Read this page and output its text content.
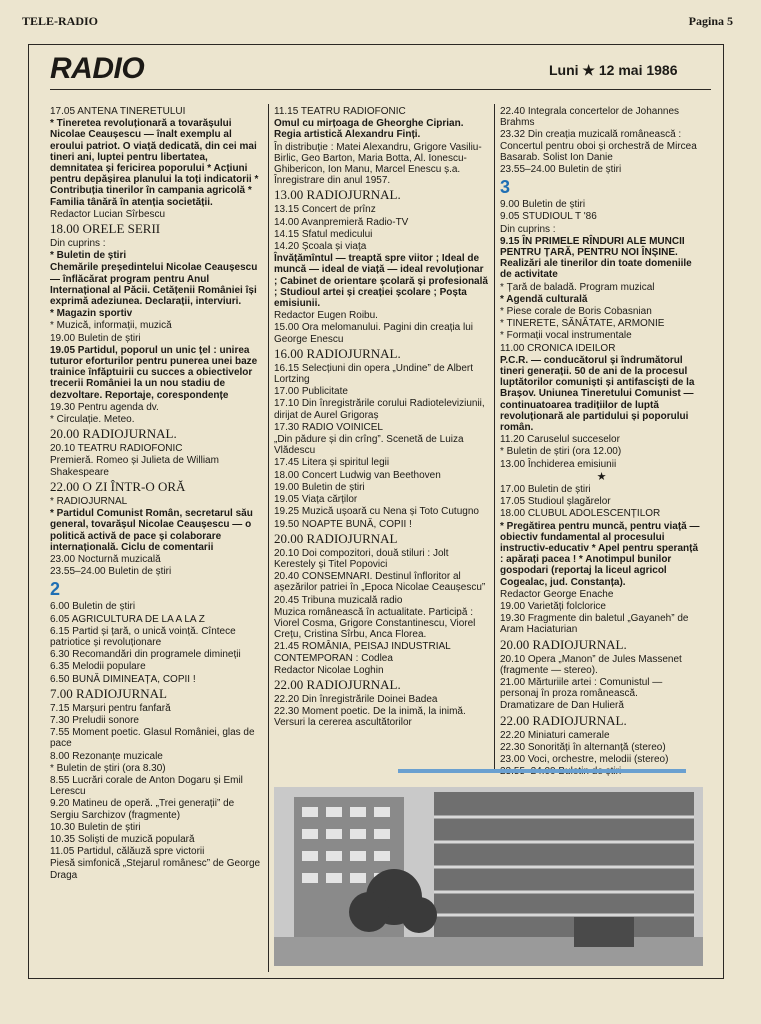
TELE-RADIO	Pagina 5
RADIO	Luni ★ 12 mai 1986
17.05 ANTENA TINERETULUI
* Tineretea revoluționară a tovarășului Nicolae Ceaușescu — înalt exemplu al eroului patriot. O viață dedicată, din cei mai tineri ani, luptei pentru libertatea, demnitatea și fericirea poporului * Acțiuni pentru depășirea planului la toți indicatorii * Contribuția tinerilor în campania agricolă * Familia tânără în atenția societății.
Redactor Lucian Sîrbescu
18.00 ORELE SERII
Din cuprins :
* Buletin de știri
Chemările președintelui Nicolae Ceaușescu — înflăcărat program pentru Anul Internațional al Păcii. Cetățenii României își exprimă adeziunea. Declarații, interviuri.
* Magazin sportiv
* Muzică, informații, muzică
19.00 Buletin de știri
19.05 Partidul, poporul un unic țel : unirea tuturor eforturilor pentru punerea unei baze trainice înfăptuirii cu succes a obiectivelor trecerii României la un nou stadiu de dezvoltare. Reportaje, corespondențe
19.30 Pentru agenda dv.
* Circulație. Meteo.
20.00 RADIOJURNAL.
20.10 TEATRU RADIOFONIC
Premieră. Romeo și Julieta de William Shakespeare
22.00 O ZI ÎNTR-O ORĂ
* RADIOJURNAL
* Partidul Comunist Român, secretarul său general, tovarășul Nicolae Ceaușescu — o politică activă de pace și colaborare internațională. Ciclu de comentarii
23.00 Nocturnă muzicală
23.55–24.00 Buletin de știri
2
6.00 Buletin de știri
6.05 AGRICULTURA DE LA A LA Z
6.15 Partid și țară, o unică voință. Cîntece patriotice și revoluționare
6.30 Recomandări din programele dimineții
6.35 Melodii populare
6.50 BUNĂ DIMINEAȚA, COPII !
7.00 RADIOJURNAL
7.15 Marșuri pentru fanfară
7.30 Preludii sonore
7.55 Moment poetic. Glasul României, glas de pace
8.00 Rezonanțe muzicale
* Buletin de știri (ora 8.30)
8.55 Lucrări corale de Anton Dogaru și Emil Lerescu
9.20 Matineu de operă. „Trei generații” de Sergiu Sarchizov (fragmente)
10.30 Buletin de știri
10.35 Soliști de muzică populară
11.05 Partidul, călăuză spre victorii
Piesă simfonică „Stejarul românesc” de George Draga
11.15 TEATRU RADIOFONIC
Omul cu mirțoaga de Gheorghe Ciprian. Regia artistică Alexandru Finți.
În distribuție : Matei Alexandru, Grigore Vasiliu-Birlic, Geo Barton, Maria Botta, Al. Ionescu-Ghibericon, Ion Manu, Marcel Enescu ș.a. Înregistrare din anul 1957.
13.00 RADIOJURNAL.
13.15 Concert de prînz
14.00 Avanpremieră Radio-TV
14.15 Sfatul medicului
14.20 Școala și viața
Învățămîntul — treaptă spre viitor ; Ideal de muncă — ideal de viață — ideal revoluționar ; Cabinet de orientare școlară și profesională ; Studioul artei și creației școlare ; Poșta emisiunii.
Redactor Eugen Roibu.
15.00 Ora melomanului. Pagini din creația lui George Enescu
16.00 RADIOJURNAL.
16.15 Selecțiuni din opera „Undine” de Albert Lortzing
17.00 Publicitate
17.10 Din înregistrările corului Radioteleviziunii, dirijat de Aurel Grigoraș
17.30 RADIO VOINICEL
„Din pădure și din crîng”. Scenetă de Luiza Vlădescu
17.45 Litera și spiritul legii
18.00 Concert Ludwig van Beethoven
19.00 Buletin de știri
19.05 Viața cărților
19.25 Muzică ușoară cu Nena și Toto Cutugno
19.50 NOAPTE BUNĂ, COPII !
20.00 RADIOJURNAL
20.10 Doi compozitori, două stiluri : Jolt Kerestely și Titel Popovici
20.40 CONSEMNARI. Destinul înfloritor al așezărilor patriei în „Epoca Nicolae Ceaușescu”
20.45 Tribuna muzicală radio
Muzica românească în actualitate. Participă : Viorel Cosma, Grigore Constantinescu, Viorel Crețu, Cristina Sîrbu, Anca Florea.
21.45 ROMÂNIA, PEISAJ INDUSTRIAL CONTEMPORAN : Codlea
Redactor Nicolae Loghin
22.00 RADIOJURNAL.
22.20 Din înregistrările Doinei Badea
22.30 Moment poetic. De la inimă, la inimă. Versuri la cererea ascultătorilor
22.40 Integrala concertelor de Johannes Brahms
23.32 Din creația muzicală românească : Concertul pentru oboi și orchestră de Mircea Basarab. Solist Ion Danie
23.55–24.00 Buletin de știri
3
9.00 Buletin de știri
9.05 STUDIOUL T '86
Din cuprins :
9.15 ÎN PRIMELE RÎNDURI ALE MUNCII PENTRU ȚARĂ, PENTRU NOI ÎNȘINE. Realizări ale tinerilor din toate domeniile de activitate
* Țară de baladă. Program muzical
* Agendă culturală
* Piese corale de Boris Cobasnian
* TINERETE, SĂNĂTATE, ARMONIE
* Formații vocal instrumentale
11.00 CRONICA IDEILOR
P.C.R. — conducătorul și îndrumătorul tineri generații. 50 de ani de la procesul luptătorilor comuniști și antifasciști de la Brașov. Uniunea Tineretului Comunist — continuatoarea tradițiilor de luptă revoluționară ale partidului și poporului român.
11.20 Caruselul succeselor
* Buletin de știri (ora 12.00)
13.00 Închiderea emisiunii
★
17.00 Buletin de știri
17.05 Studioul șlagărelor
18.00 CLUBUL ADOLESCENȚILOR
* Pregătirea pentru muncă, pentru viață — obiectiv fundamental al procesului instructiv-educativ * Apel pentru speranță : apărați pacea ! * Anotimpul bunilor gospodari (reportaj la liceul agricol Cogealac, jud. Constanța).
Redactor George Enache
19.00 Varietăți folclorice
19.30 Fragmente din baletul „Gayaneh” de Aram Haciaturian
20.00 RADIOJURNAL.
20.10 Opera „Manon” de Jules Massenet (fragmente — stereo).
21.00 Mărturiile artei : Comunistul — personaj în proza românească.
Dramatizare de Dan Hulieră
22.00 RADIOJURNAL.
22.20 Miniaturi camerale
22.30 Sonorități în alternanță (stereo)
23.00 Voci, orchestre, melodii (stereo)
